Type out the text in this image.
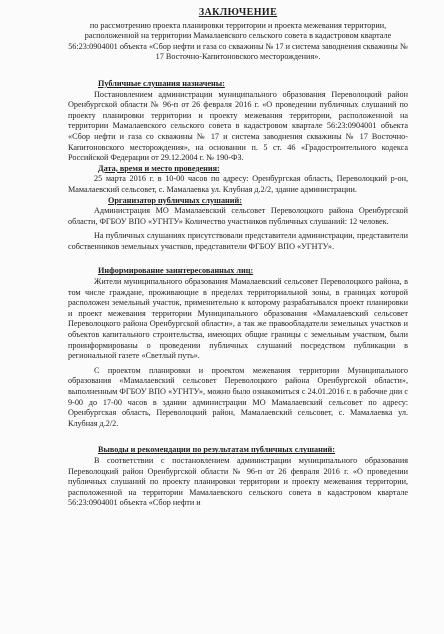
ЗАКЛЮЧЕНИЕ
по рассмотрению проекта планировки территории и проекта межевания территории, расположенной на территории Мамалаевского сельского совета в кадастровом квартале 56:23:0904001 объекта «Сбор нефти и газа со скважины № 17 и система заводнения скважины № 17 Восточно-Капитоновского месторождения».
Публичные слушания назначены:

Постановлением администрации муниципального образования Переволоцкий район Оренбургской области № 96-п от 26 февраля 2016 г. «О проведении публичных слушаний по проекту планировки территории и проекту межевания территории, расположенной на территории Мамалаевского сельского совета в кадастровом квартале 56:23:0904001 объекта «Сбор нефти и газа со скважины № 17 и система заводнения скважины № 17 Восточно-Капитоновского месторождения», на основании п. 5 ст. 46 «Градостроительного кодекса Российской Федерации от 29.12.2004 г. № 190-ФЗ.

Дата, время и место проведения:

25 марта 2016 г. в 10-00 часов по адресу: Оренбургская область, Переволоцкий р-он, Мамалаевский сельсовет, с. Мамалаевка ул. Клубная д.2/2, здание администрации.

Организатор публичных слушаний:

Администрация МО Мамалаевский сельсовет Переволоцкого района Оренбургской области, ФГБОУ ВПО «УГНТУ» Количество участников публичных слушаний: 12 человек.

На публичных слушаниях присутствовали представители администрации, представители собственников земельных участков, представители ФГБОУ ВПО «УГНТУ».

Информирование заинтересованных лиц:

Жители муниципального образования Мамалаевский сельсовет Переволоцкого района, в том числе граждане, проживающие в пределах территориальной зоны, в границах которой расположен земельный участок, применительно к которому разрабатывался проект планировки и проект межевания территории Муниципального образования «Мамалаевский сельсовет Переволоцкого района Оренбургской области», а так же правообладатели земельных участков и объектов капитального строительства, имеющих общие границы с земельным участком, были проинформированы о проведении публичных слушаний посредством публикации в региональной газете «Светлый путь».

С проектом планировки и проектом межевания территории Муниципального образования «Мамалаевский сельсовет Переволоцкого района Оренбургской области», выполненным ФГБОУ ВПО «УГНТУ», можно было ознакомиться с 24.01.2016 г. в рабочие дни с 9-00 до 17-00 часов в здании администрации МО Мамалаевский сельсовет по адресу: Оренбургская область, Переволоцкий район, Мамалаевский сельсовет, с. Мамалаевка ул. Клубная д.2/2.

Выводы и рекомендации по результатам публичных слушаний:

В соответствии с постановлением администрации муниципального образования Переволоцкий район Оренбургской области № 96-п от 26 февраля 2016 г. «О проведении публичных слушаний по проекту планировки территории и проекту межевания территории, расположенной на территории Мамалаевского сельского совета в кадастровом квартале 56:23:0904001 объекта «Сбор нефти и
